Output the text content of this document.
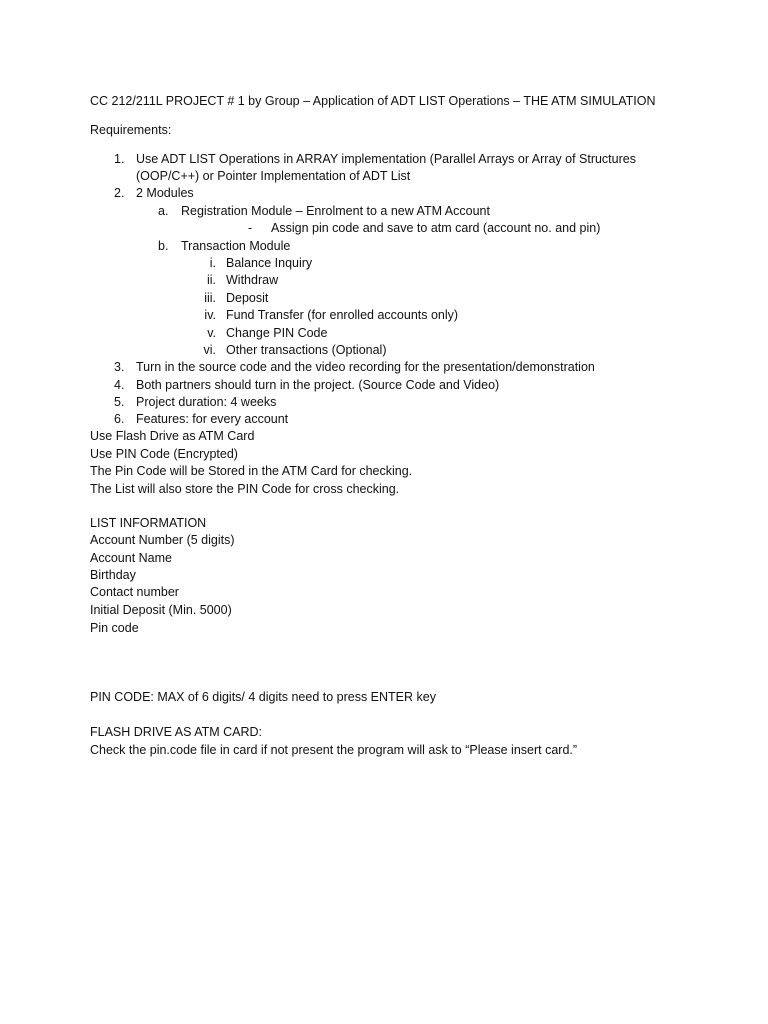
CC 212/211L PROJECT # 1 by Group – Application of ADT LIST Operations – THE ATM SIMULATION
Requirements:
1. Use ADT LIST Operations in ARRAY implementation (Parallel Arrays or Array of Structures
(OOP/C++) or Pointer Implementation of ADT List
2. 2 Modules
a. Registration Module – Enrolment to a new ATM Account
- Assign pin code and save to atm card (account no. and pin)
b. Transaction Module
i. Balance Inquiry
ii. Withdraw
iii. Deposit
iv. Fund Transfer (for enrolled accounts only)
v. Change PIN Code
vi. Other transactions (Optional)
3. Turn in the source code and the video recording for the presentation/demonstration
4. Both partners should turn in the project. (Source Code and Video)
5. Project duration: 4 weeks
6. Features: for every account
Use Flash Drive as ATM Card
Use PIN Code (Encrypted)
The Pin Code will be Stored in the ATM Card for checking.
The List will also store the PIN Code for cross checking.
LIST INFORMATION
Account Number (5 digits)
Account Name
Birthday
Contact number
Initial Deposit (Min. 5000)
Pin code
PIN CODE: MAX of 6 digits/ 4 digits need to press ENTER key
FLASH DRIVE AS ATM CARD:
Check the pin.code file in card if not present the program will ask to “Please insert card.”
